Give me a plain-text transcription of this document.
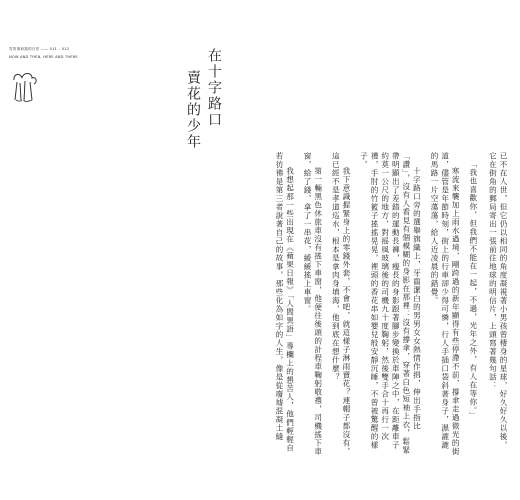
雪的事和我的日常 —— 011 – 012
NOW AND THEN, HERE AND THERE	在十字路口
賣花的少年

已不在人世，但它仍以相同的角度凝視著小男孩曾棲身的星球，好久好久以後，它在街角的郵局寄出一張前往地球的明信片，上頭寫著幾句話：

「我也喜歡你，但我們不能在一起，不過，光年之外，有人在等你。」

寒流來襲加上雨水過境，剛跨過的新年顯得有些停滯不前，撐傘走過微光的街道，儘管是年節時刻，街上的行車卻少得可憐，行人手插口袋斜著身子，濕漉漉的馬路一片空蕩蕩，給人近凌晨的錯覺。

十字路口旁的選舉旗織上，牙齒潔白的男男女女熱情作揖，伸出手指比「讚」，沒有人看見有個模糊的身影在那裡：沒有撐傘，穿著白色短袖上衣，鬆緊帶明顯出了差錯的運動長褲，瘦長的身影跟著腳步變換於車陣之中，在距離車子約莫一公尺的地方，對摇風玻璃後的司機九十度鞠躬，然後雙手合十再行一次禮，手肘的竹籃子搖搖晃晃，裡頭的香花串如嬰兒般安靜沉睡，不曾被驚醒的樣子。

我下意識握緊身上的零錢外套，不會吧，就這樣子淋雨賣花？連帽子都沒有，這已經不是孝道巡水，根本是拿肉身填海，他到底在想什麼？

第一輛黑色休旅車沒有搖下車窗，他便往後頭的計程車鞠躬敬禮，司機搖下車窗，給了錢，拿了一串花，緩緩搖上車窗。

我想起那一些出現在《蘋果日報》「人間異語」專欄上的懇苦人，他們輕輕自若彷彿是第三者說著自己的故事，那些化為如字的人生，像是從廢墟混凝土縫
